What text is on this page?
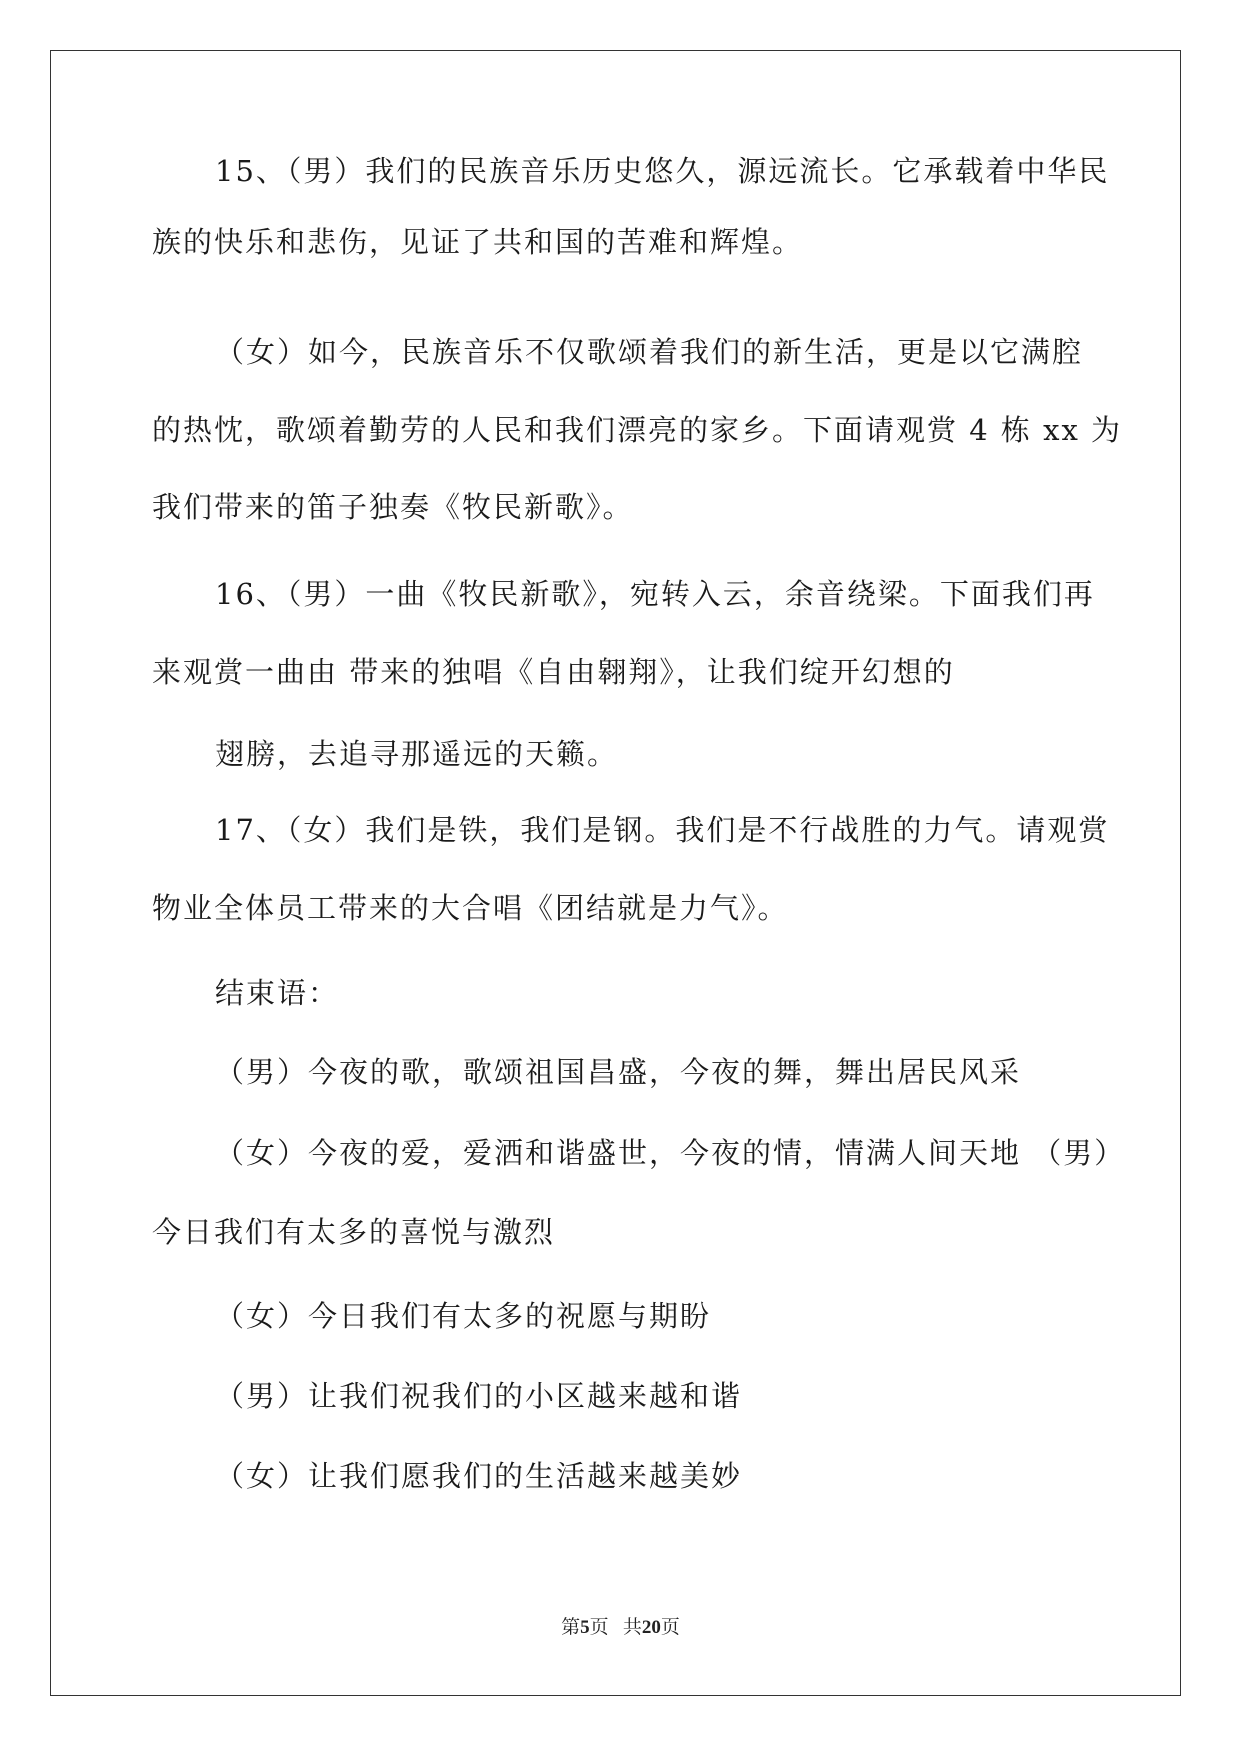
15、（男）我们的民族音乐历史悠久，源远流长。它承载着中华民
族的快乐和悲伤，见证了共和国的苦难和辉煌。
（女）如今，民族音乐不仅歌颂着我们的新生活，更是以它满腔
的热忱，歌颂着勤劳的人民和我们漂亮的家乡。下面请观赏 4 栋 xx 为
我们带来的笛子独奏《牧民新歌》。
16、（男）一曲《牧民新歌》，宛转入云，余音绕梁。下面我们再
来观赏一曲由 带来的独唱《自由翱翔》，让我们绽开幻想的
翅膀，去追寻那遥远的天籁。
17、（女）我们是铁，我们是钢。我们是不行战胜的力气。请观赏
物业全体员工带来的大合唱《团结就是力气》。
结束语：
（男）今夜的歌，歌颂祖国昌盛，今夜的舞，舞出居民风采
（女）今夜的爱，爱洒和谐盛世，今夜的情，情满人间天地 （男）
今日我们有太多的喜悦与激烈
（女）今日我们有太多的祝愿与期盼
（男）让我们祝我们的小区越来越和谐
（女）让我们愿我们的生活越来越美妙
第5页   共20页
